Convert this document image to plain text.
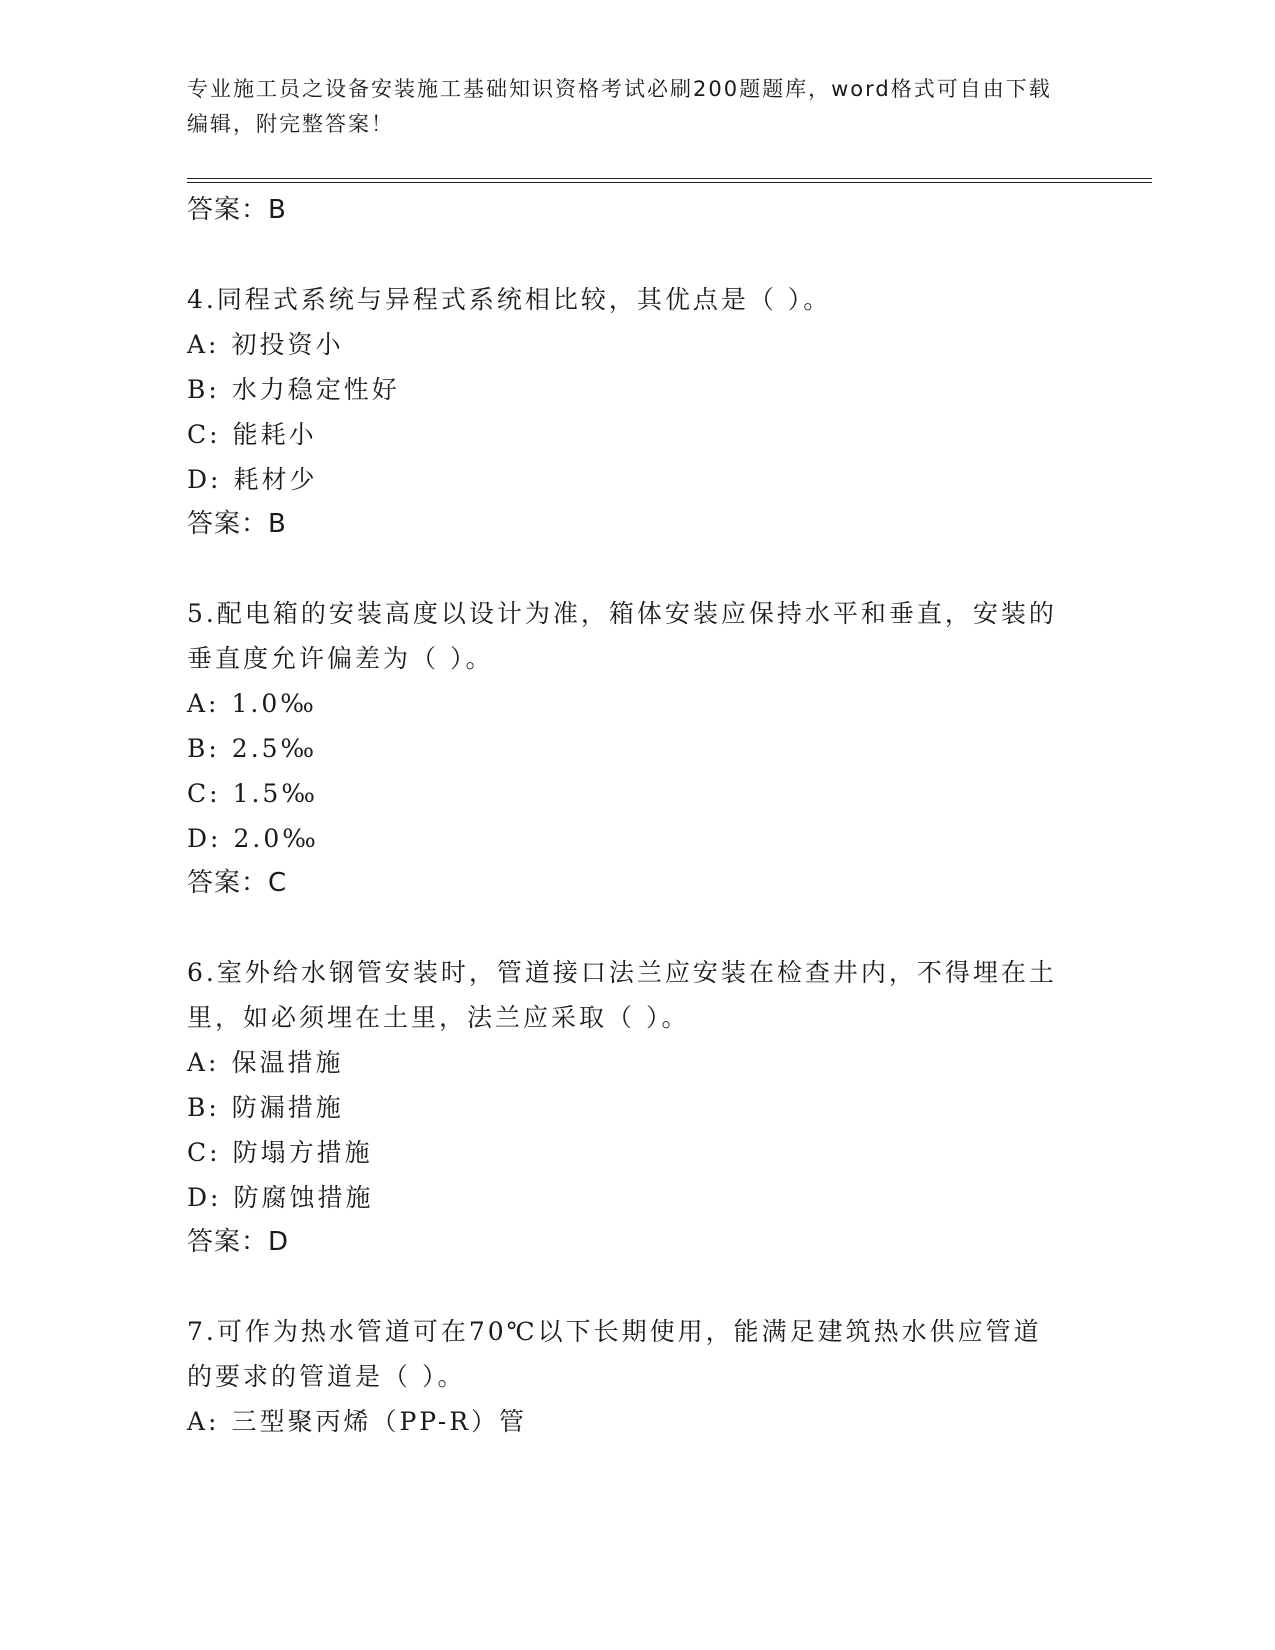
专业施工员之设备安装施工基础知识资格考试必刷200题题库，word格式可自由下载编辑，附完整答案！
答案：B
4.同程式系统与异程式系统相比较，其优点是（ ）。
A: 初投资小
B: 水力稳定性好
C: 能耗小
D: 耗材少
答案：B
5.配电箱的安装高度以设计为准，箱体安装应保持水平和垂直，安装的垂直度允许偏差为（ ）。
A: 1.0‰
B: 2.5‰
C: 1.5‰
D: 2.0‰
答案：C
6.室外给水钢管安装时，管道接口法兰应安装在检查井内，不得埋在土里，如必须埋在土里，法兰应采取（ ）。
A: 保温措施
B: 防漏措施
C: 防塌方措施
D: 防腐蚀措施
答案：D
7.可作为热水管道可在70℃以下长期使用，能满足建筑热水供应管道的要求的管道是（ ）。
A: 三型聚丙烯（PP-R）管
